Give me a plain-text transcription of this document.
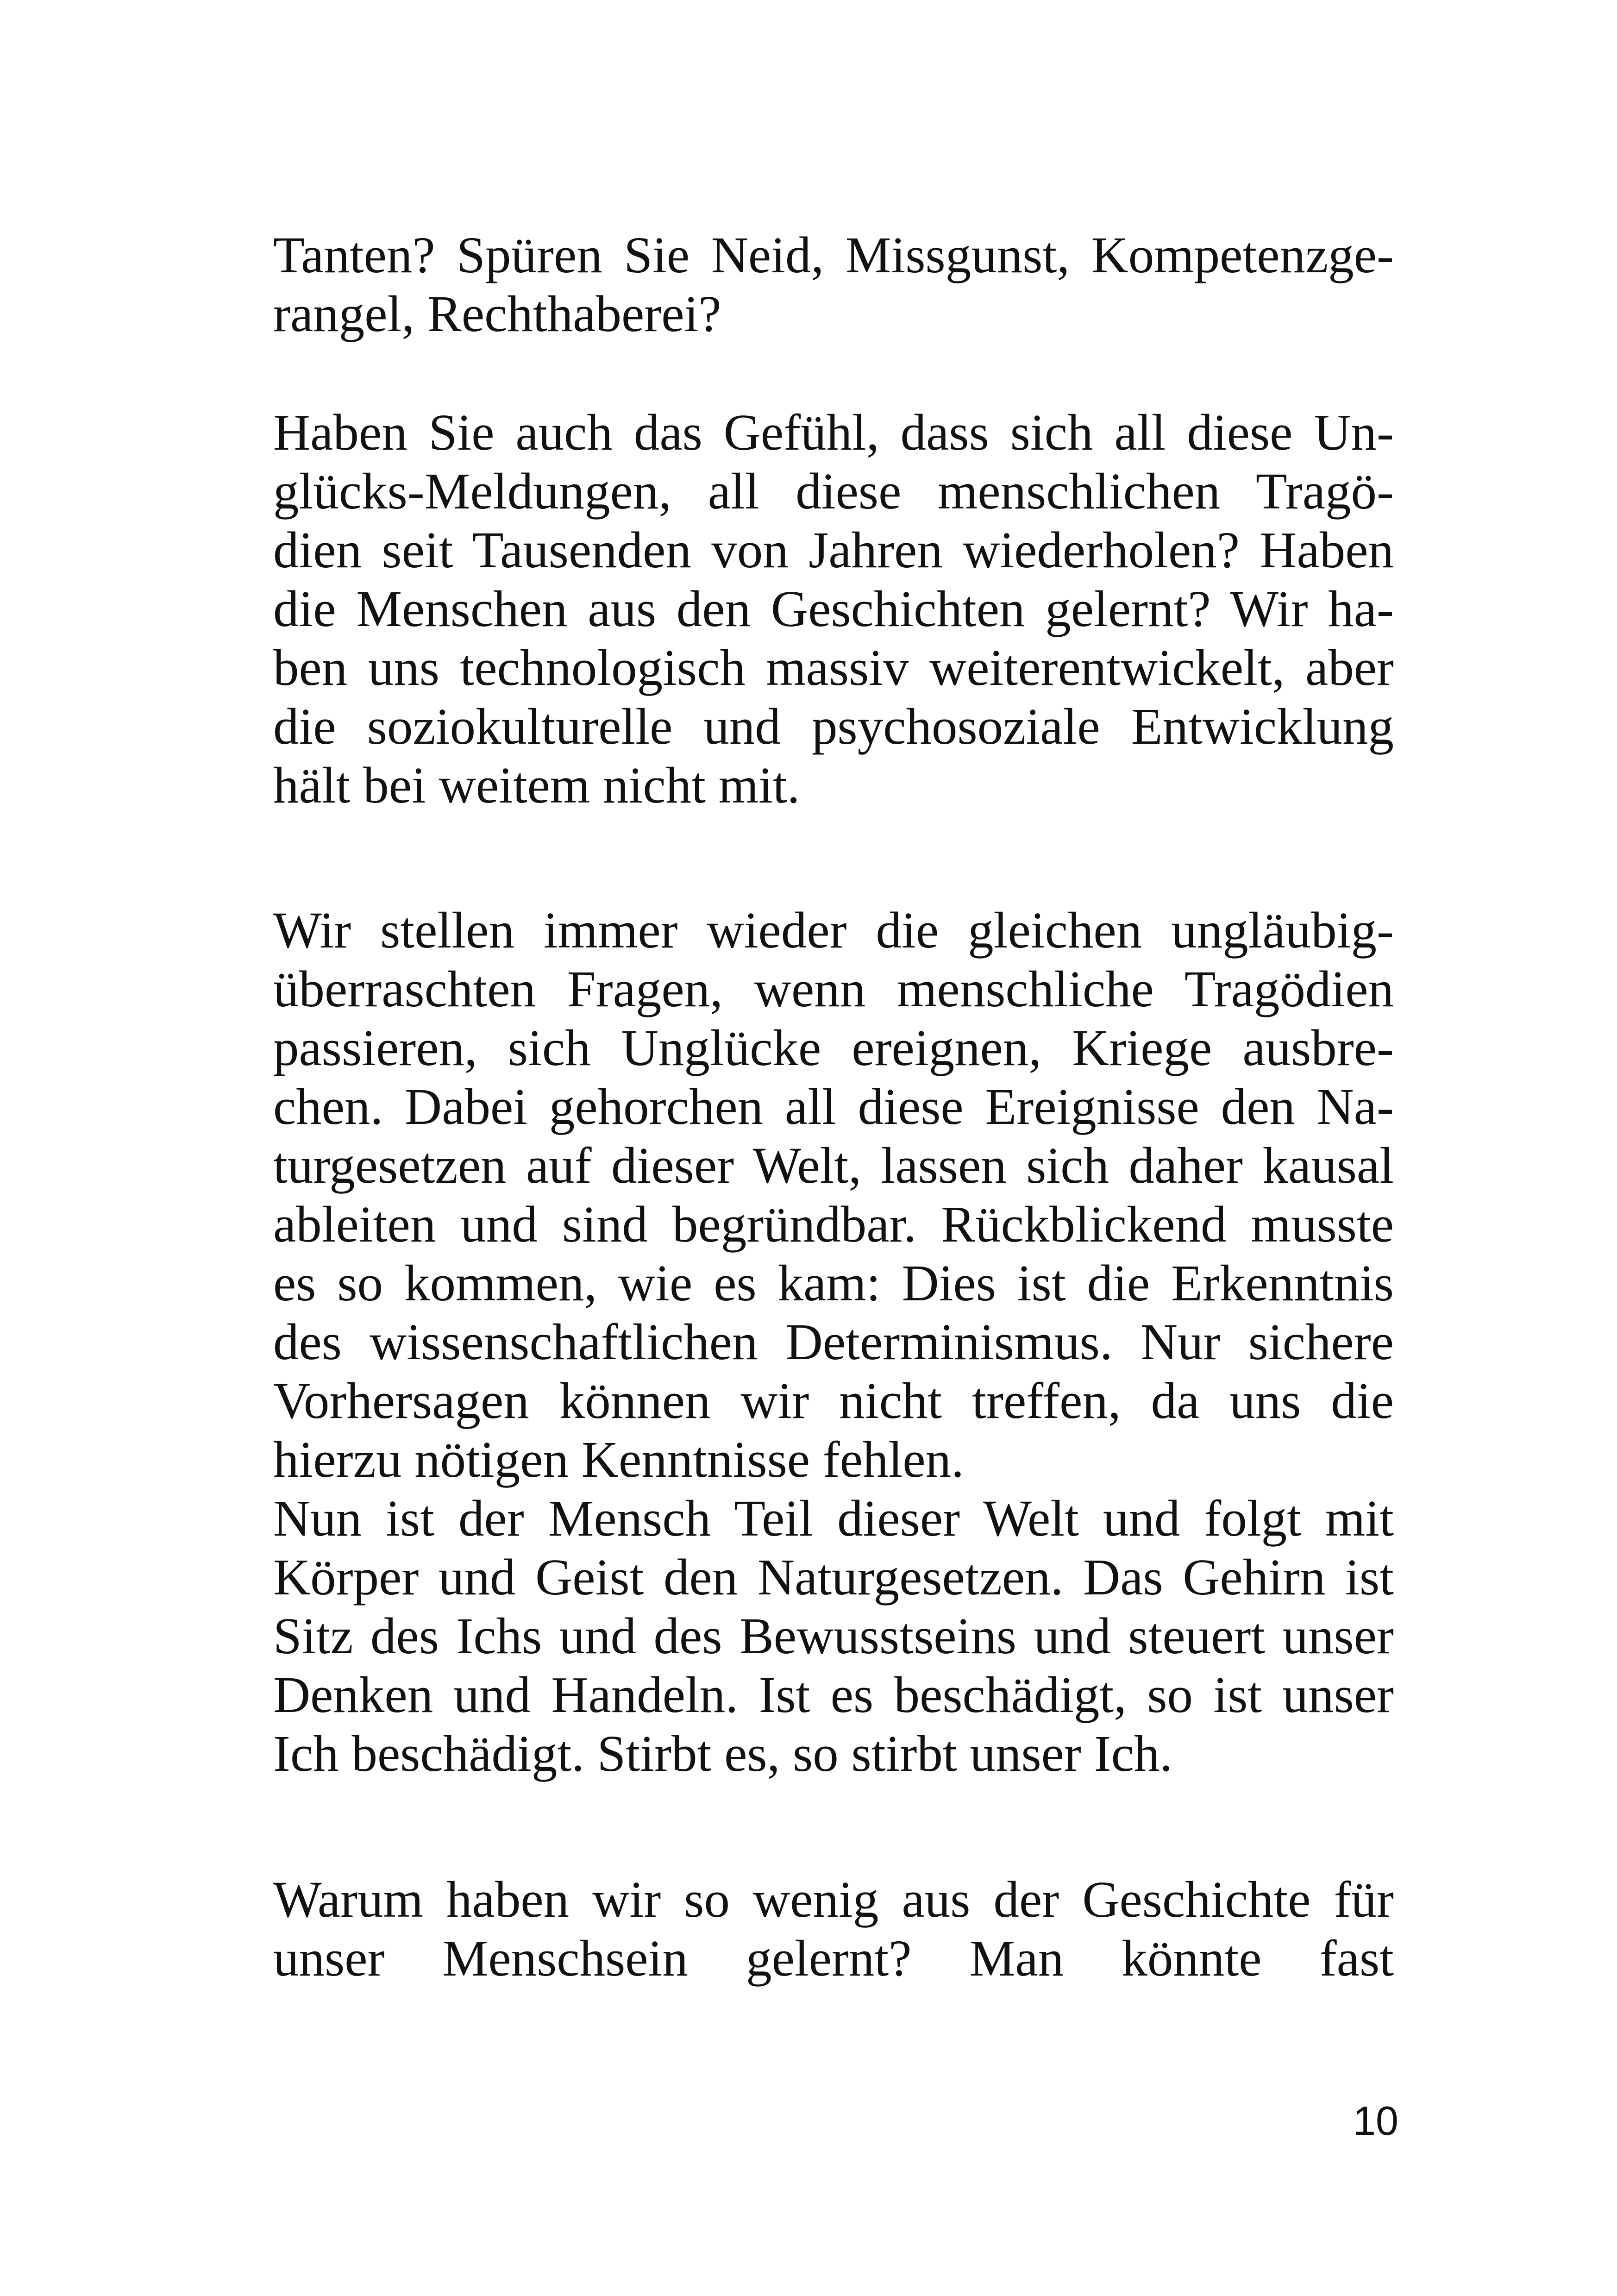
Tanten? Spüren Sie Neid, Missgunst, Kompetenzge-
rangel, Rechthaberei?
Haben Sie auch das Gefühl, dass sich all diese Un-
glücks-Meldungen, all diese menschlichen Tragö-
dien seit Tausenden von Jahren wiederholen? Haben
die Menschen aus den Geschichten gelernt? Wir ha-
ben uns technologisch massiv weiterentwickelt, aber
die soziokulturelle und psychosoziale Entwicklung
hält bei weitem nicht mit.
Wir stellen immer wieder die gleichen ungläubig-
überraschten Fragen, wenn menschliche Tragödien
passieren, sich Unglücke ereignen, Kriege ausbre-
chen. Dabei gehorchen all diese Ereignisse den Na-
turgesetzen auf dieser Welt, lassen sich daher kausal
ableiten und sind begründbar. Rückblickend musste
es so kommen, wie es kam: Dies ist die Erkenntnis
des wissenschaftlichen Determinismus. Nur sichere
Vorhersagen können wir nicht treffen, da uns die
hierzu nötigen Kenntnisse fehlen.
Nun ist der Mensch Teil dieser Welt und folgt mit
Körper und Geist den Naturgesetzen. Das Gehirn ist
Sitz des Ichs und des Bewusstseins und steuert unser
Denken und Handeln. Ist es beschädigt, so ist unser
Ich beschädigt. Stirbt es, so stirbt unser Ich.
Warum haben wir so wenig aus der Geschichte für
unser Menschsein gelernt? Man könnte fast
10
